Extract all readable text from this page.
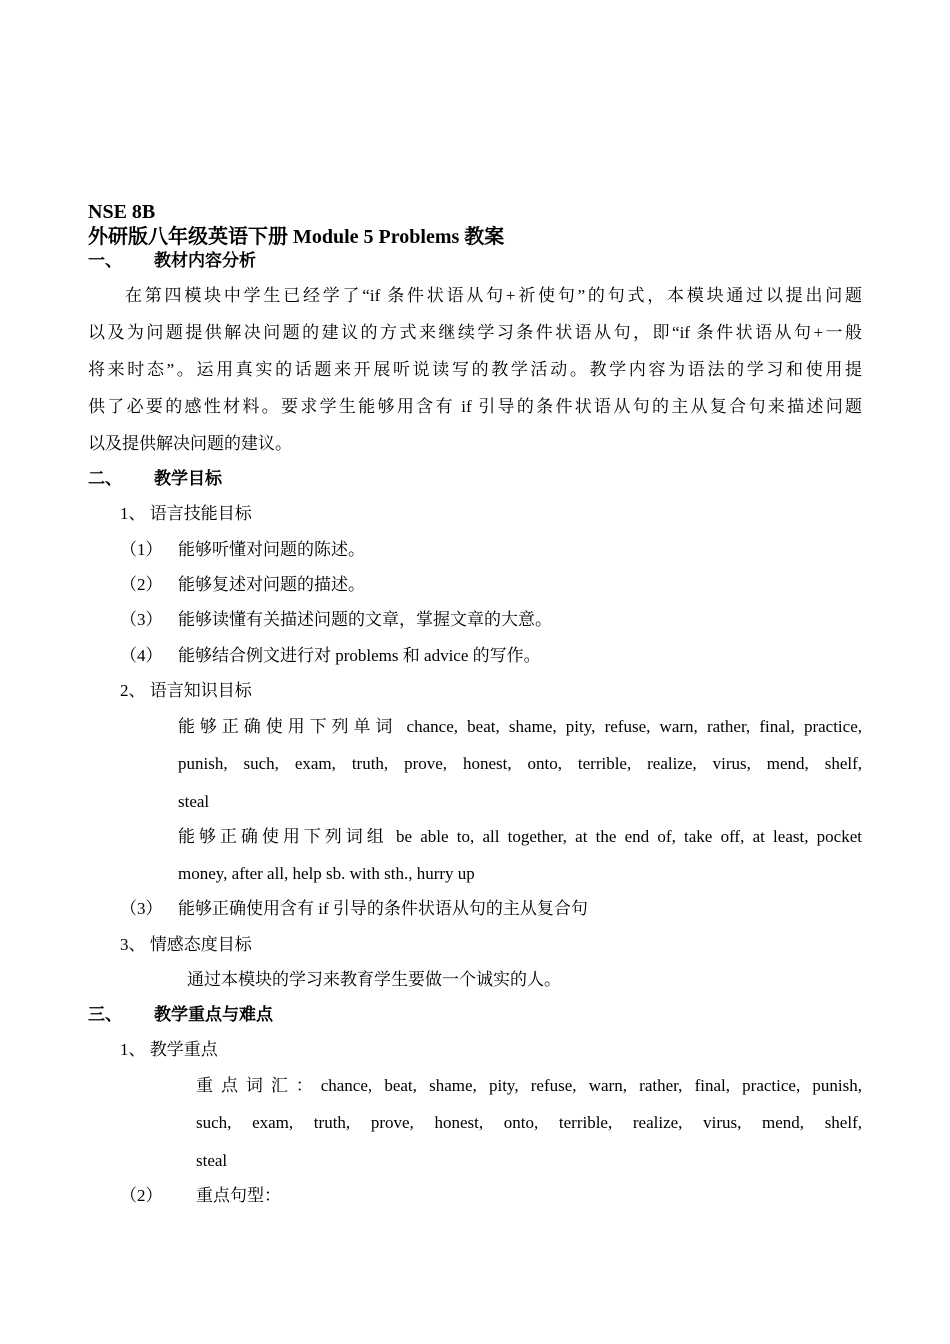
NSE 8B
外研版八年级英语下册 Module 5 Problems 教案
一、 教材内容分析
在第四模块中学生已经学了“if 条件状语从句+祈使句”的句式，本模块通过以提出问题
以及为问题提供解决问题的建议的方式来继续学习条件状语从句，即“if 条件状语从句+一般
将来时态”。运用真实的话题来开展听说读写的教学活动。教学内容为语法的学习和使用提
供了必要的感性材料。要求学生能够用含有 if 引导的条件状语从句的主从复合句来描述问题
以及提供解决问题的建议。
二、 教学目标
1、 语言技能目标
（1） 能够听懂对问题的陈述。
（2） 能够复述对问题的描述。
（3） 能够读懂有关描述问题的文章，掌握文章的大意。
（4） 能够结合例文进行对 problems 和 advice 的写作。
2、 语言知识目标
能够正确使用下列单词 chance, beat, shame, pity, refuse, warn, rather, final, practice,
punish, such, exam, truth, prove, honest, onto, terrible, realize, virus, mend, shelf,
steal
能够正确使用下列词组 be able to, all together, at the end of, take off, at least, pocket
money, after all, help sb. with sth., hurry up
（3） 能够正确使用含有 if 引导的条件状语从句的主从复合句
3、 情感态度目标
通过本模块的学习来教育学生要做一个诚实的人。
三、 教学重点与难点
1、 教学重点
重点词汇：chance, beat, shame, pity, refuse, warn, rather, final, practice, punish,
such, exam, truth, prove, honest, onto, terrible, realize, virus, mend, shelf,
steal
（2） 重点句型：
